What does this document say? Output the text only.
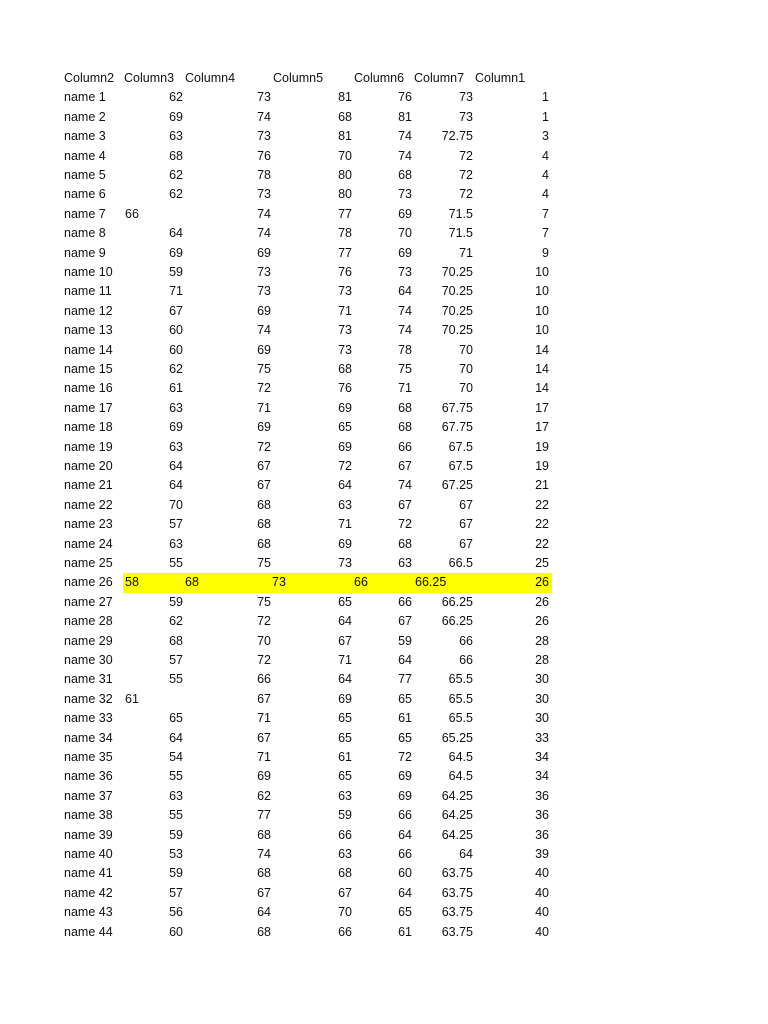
Column2 Column3 Column4	Column5 Column6 Column7 Column1
name 1	62	73	81	76	73	1
name 2	69	74	68	81	73	1
name 3	63	73	81	74 72.75	3
name 4	68	76	70	74	72	4
name 5	62	78	80	68	72	4
name 6	62	73	80	73	72	4
name 7 66	74	77	69	71.5	7
name 8	64	74	78	70	71.5	7
name 9	69	69	77	69	71	9
name 10	59	73	76	73 70.25	10
name 11	71	73	73	64 70.25	10
name 12	67	69	71	74 70.25	10
name 13	60	74	73	74 70.25	10
name 14	60	69	73	78	70	14
name 15	62	75	68	75	70	14
name 16	61	72	76	71	70	14
name 17	63	71	69	68 67.75	17
name 18	69	69	65	68 67.75	17
name 19	63	72	69	66	67.5	19
name 20	64	67	72	67	67.5	19
name 21	64	67	64	74 67.25	21
name 22	70	68	63	67	67	22
name 23	57	68	71	72	67	22
name 24	63	68	69	68	67	22
name 25	55	75	73	63	66.5	25
name 26 58	68	73	66	66.25	26
name 27	59	75	65	66 66.25	26
name 28	62	72	64	67 66.25	26
name 29	68	70	67	59	66	28
name 30	57	72	71	64	66	28
name 31	55	66	64	77	65.5	30
name 32 61	67	69	65	65.5	30
name 33	65	71	65	61	65.5	30
name 34	64	67	65	65 65.25	33
name 35	54	71	61	72	64.5	34
name 36	55	69	65	69	64.5	34
name 37	63	62	63	69 64.25	36
name 38	55	77	59	66 64.25	36
name 39	59	68	66	64 64.25	36
name 40	53	74	63	66	64	39
name 41	59	68	68	60 63.75	40
name 42	57	67	67	64 63.75	40
name 43	56	64	70	65 63.75	40
name 44	60	68	66	61 63.75	40
